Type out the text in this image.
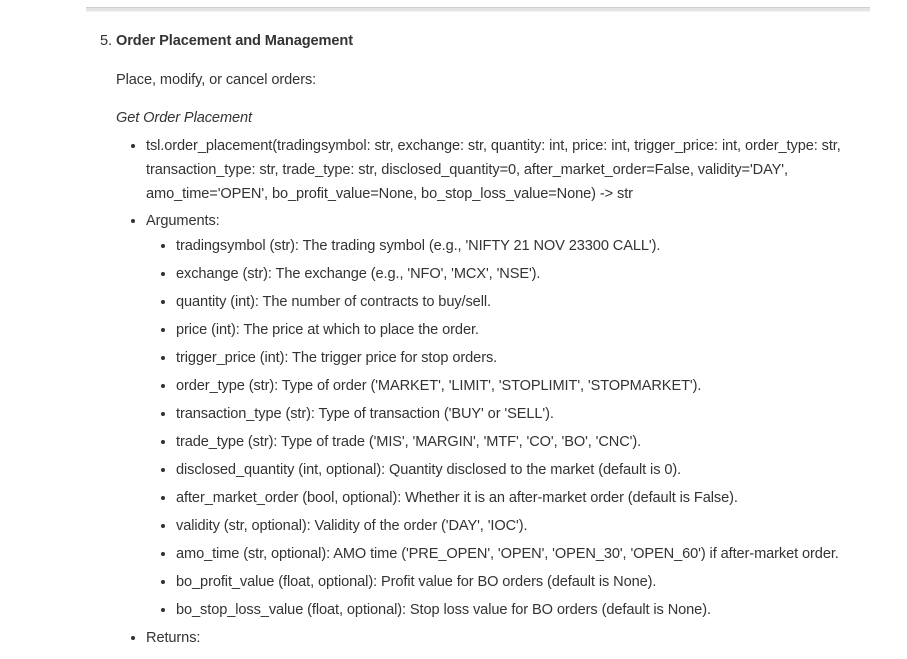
5. Order Placement and Management
Place, modify, or cancel orders:
Get Order Placement
• tsl.order_placement(tradingsymbol: str, exchange: str, quantity: int, price: int, trigger_price: int, order_type: str, transaction_type: str, trade_type: str, disclosed_quantity=0, after_market_order=False, validity='DAY', amo_time='OPEN', bo_profit_value=None, bo_stop_loss_value=None) -> str
• Arguments:
• tradingsymbol (str): The trading symbol (e.g., 'NIFTY 21 NOV 23300 CALL').
• exchange (str): The exchange (e.g., 'NFO', 'MCX', 'NSE').
• quantity (int): The number of contracts to buy/sell.
• price (int): The price at which to place the order.
• trigger_price (int): The trigger price for stop orders.
• order_type (str): Type of order ('MARKET', 'LIMIT', 'STOPLIMIT', 'STOPMARKET').
• transaction_type (str): Type of transaction ('BUY' or 'SELL').
• trade_type (str): Type of trade ('MIS', 'MARGIN', 'MTF', 'CO', 'BO', 'CNC').
• disclosed_quantity (int, optional): Quantity disclosed to the market (default is 0).
• after_market_order (bool, optional): Whether it is an after-market order (default is False).
• validity (str, optional): Validity of the order ('DAY', 'IOC').
• amo_time (str, optional): AMO time ('PRE_OPEN', 'OPEN', 'OPEN_30', 'OPEN_60') if after-market order.
• bo_profit_value (float, optional): Profit value for BO orders (default is None).
• bo_stop_loss_value (float, optional): Stop loss value for BO orders (default is None).
• Returns:
